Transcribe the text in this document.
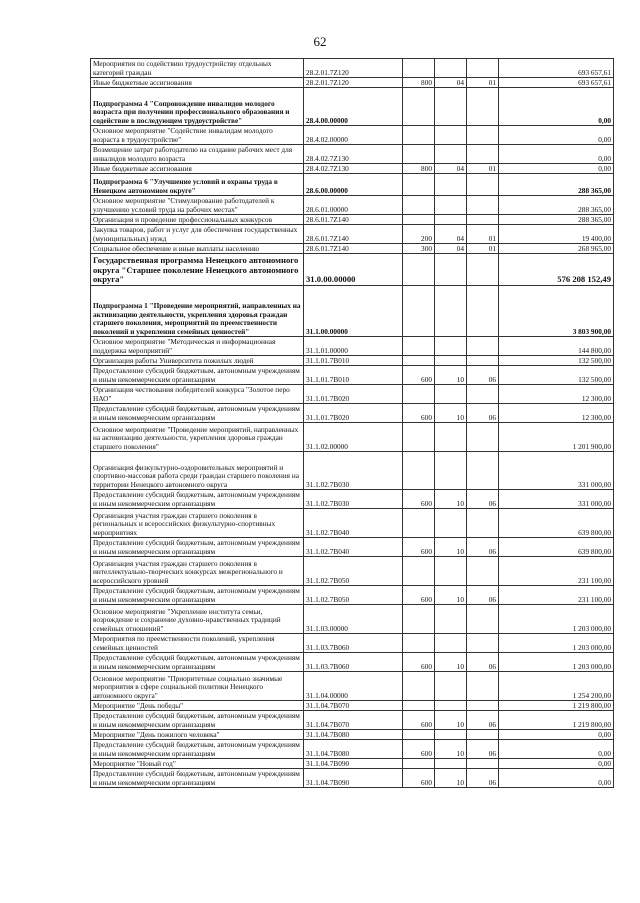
62
Мероприятия по содействию трудоустройству отдельных категорий граждан	28.2.01.7Z120				693 657,61
Иные бюджетные ассигнования	28.2.01.7Z120	800	04	01	693 657,61
Подпрограмма 4 "Сопровождение инвалидов молодого возраста при получении профессионального образования и содействие в последующем трудоустройстве"	28.4.00.00000				0,00
Основное мероприятие "Содействие инвалидам молодого возраста в трудоустройстве"	28.4.02.00000				0,00
Возмещение затрат работодателю на создание рабочих мест для инвалидов молодого возраста	28.4.02.7Z130				0,00
Иные бюджетные ассигнования	28.4.02.7Z130	800	04	01	0,00
Подпрограмма 6 "Улучшение условий и охраны труда в Ненецком автономном округе"	28.6.00.00000				288 365,00
Основное мероприятие "Стимулирование работодателей к улучшению условий труда на рабочих местах"	28.6.01.00000				288 365,00
Организация и проведение профессиональных конкурсов	28.6.01.7Z140				288 365,00
Закупка товаров, работ и услуг для обеспечения государственных (муниципальных) нужд	28.6.01.7Z140	200	04	01	19 400,00
Социальное обеспечение и иные выплаты населению	28.6.01.7Z140	300	04	01	268 965,00
Государственная программа Ненецкого автономного округа "Старшее поколение Ненецкого автономного округа"	31.0.00.00000				576 208 152,49
Подпрограмма 1 "Проведение мероприятий, направленных на активизацию деятельности, укрепления здоровья граждан старшего поколения, мероприятий по преемственности поколений и укрепления семейных ценностей"	31.1.00.00000				3 803 900,00
Основное мероприятие "Методическая и информационная поддержка мероприятий"	31.1.01.00000				144 800,00
Организация работы Университета пожилых людей	31.1.01.7В010				132 500,00
Предоставление субсидий бюджетным, автономным учреждениям и иным некоммерческим организациям	31.1.01.7В010	600	10	06	132 500,00
Организация чествования победителей конкурса "Золотое перо НАО"	31.1.01.7В020				12 300,00
Предоставление субсидий бюджетным, автономным учреждениям и иным некоммерческим организациям	31.1.01.7В020	600	10	06	12 300,00
Основное мероприятие "Проведение мероприятий, направленных на активизацию деятельности, укрепления здоровья граждан старшего поколения"	31.1.02.00000				1 201 900,00
Организация физкультурно-оздоровительных мероприятий и спортивно-массовая работа среди граждан старшего поколения на территории Ненецкого автономного округа	31.1.02.7В030				331 000,00
Предоставление субсидий бюджетным, автономным учреждениям и иным некоммерческим организациям	31.1.02.7В030	600	10	06	331 000,00
Организация участия граждан старшего поколения в региональных и всероссийских физкультурно-спортивных мероприятиях	31.1.02.7В040				639 800,00
Предоставление субсидий бюджетным, автономным учреждениям и иным некоммерческим организациям	31.1.02.7В040	600	10	06	639 800,00
Организация участия граждан старшего поколения в интеллектуально-творческих конкурсах межрегионального и всероссийского уровней	31.1.02.7В050				231 100,00
Предоставление субсидий бюджетным, автономным учреждениям и иным некоммерческим организациям	31.1.02.7В050	600	10	06	231 100,00
Основное мероприятие "Укрепление института семьи, возрождение и сохранение духовно-нравственных традиций семейных отношений"	31.1.03.00000				1 203 000,00
Мероприятия по преемственности поколений, укрепления семейных ценностей	31.1.03.7В060				1 203 000,00
Предоставление субсидий бюджетным, автономным учреждениям и иным некоммерческим организациям	31.1.03.7В060	600	10	06	1 203 000,00
Основное мероприятие "Приоритетные социально значимые мероприятия в сфере социальной политики Ненецкого автономного округа"	31.1.04.00000				1 254 200,00
Мероприятие "День победы"	31.1.04.7В070				1 219 800,00
Предоставление субсидий бюджетным, автономным учреждениям и иным некоммерческим организациям	31.1.04.7В070	600	10	06	1 219 800,00
Мероприятие "День пожилого человека"	31.1.04.7В080				0,00
Предоставление субсидий бюджетным, автономным учреждениям и иным некоммерческим организациям	31.1.04.7В080	600	10	06	0,00
Мероприятие "Новый год"	31.1.04.7В090				0,00
Предоставление субсидий бюджетным, автономным учреждениям и иным некоммерческим организациям	31.1.04.7В090	600	10	06	0,00
